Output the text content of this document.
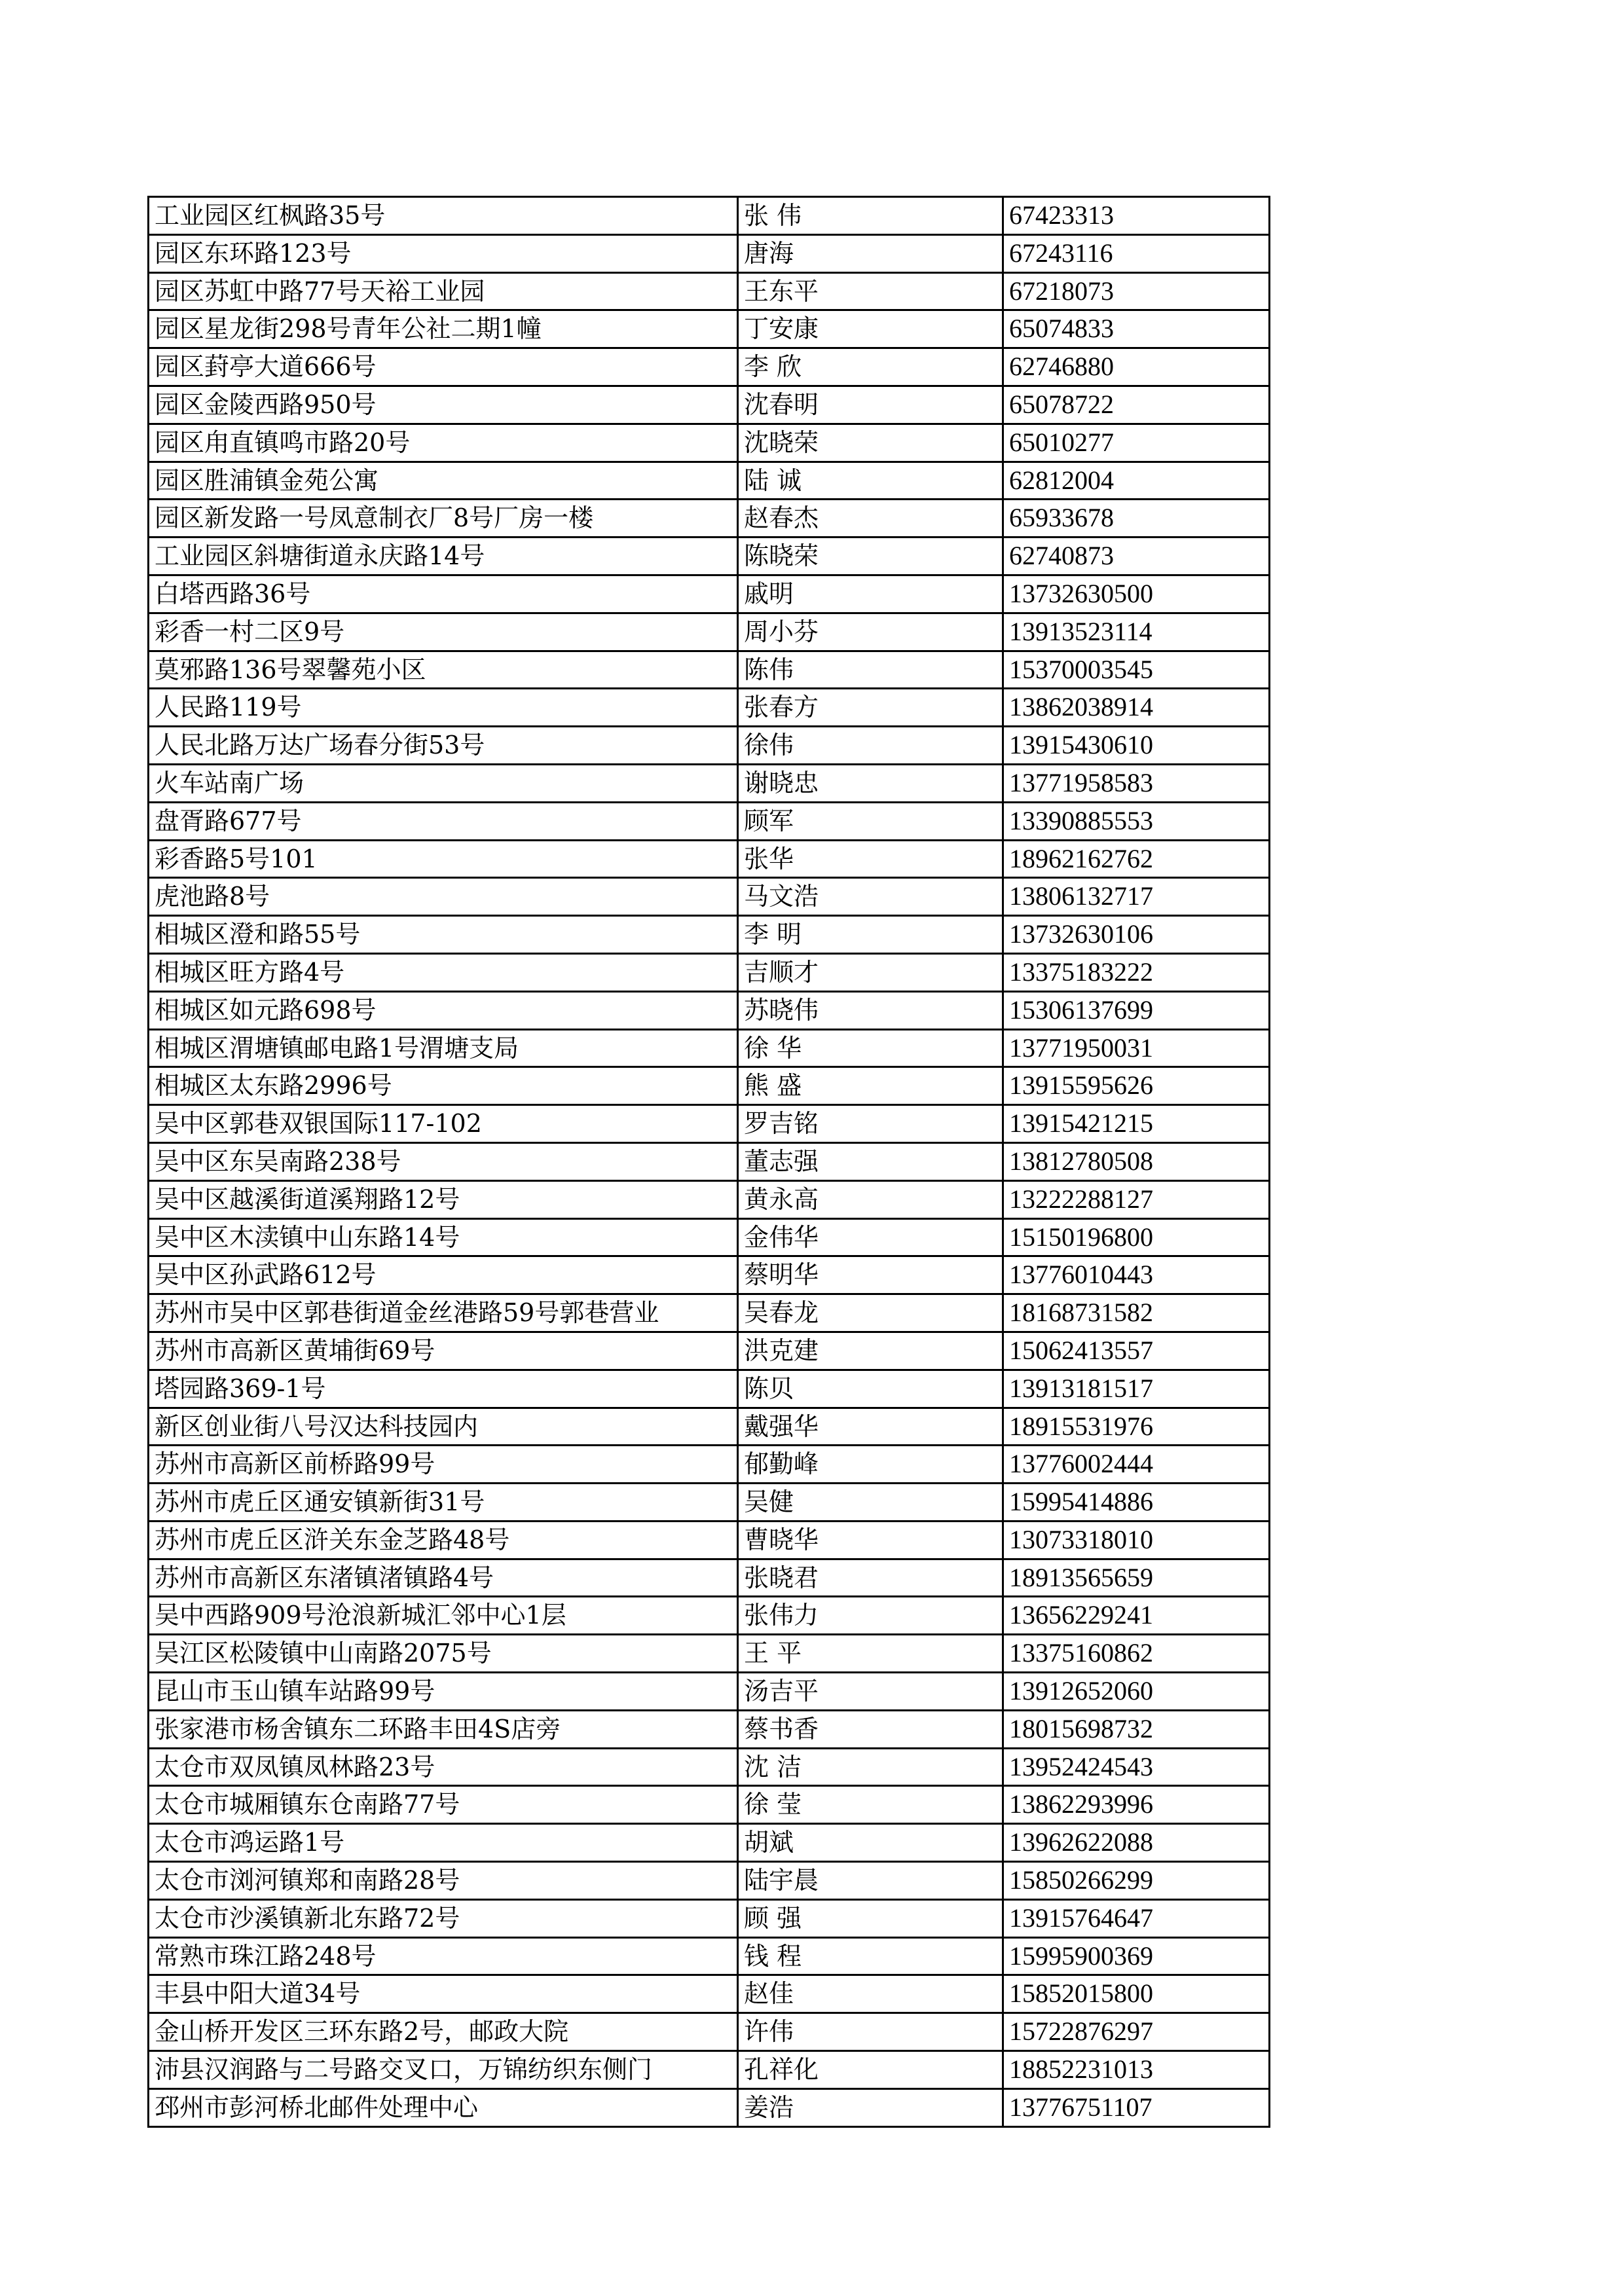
工业园区红枫路35号	张 伟	67423313
园区东环路123号	唐海	67243116
园区苏虹中路77号天裕工业园	王东平	67218073
园区星龙街298号青年公社二期1幢	丁安康	65074833
园区葑亭大道666号	李 欣	62746880
园区金陵西路950号	沈春明	65078722
园区甪直镇鸣市路20号	沈晓荣	65010277
园区胜浦镇金苑公寓	陆 诚	62812004
园区新发路一号凤意制衣厂8号厂房一楼	赵春杰	65933678
工业园区斜塘街道永庆路14号	陈晓荣	62740873
白塔西路36号	戚明	13732630500
彩香一村二区9号	周小芬	13913523114
莫邪路136号翠馨苑小区	陈伟	15370003545
人民路119号	张春方	13862038914
人民北路万达广场春分街53号	徐伟	13915430610
火车站南广场	谢晓忠	13771958583
盘胥路677号	顾军	13390885553
彩香路5号101	张华	18962162762
虎池路8号	马文浩	13806132717
相城区澄和路55号	李 明	13732630106
相城区旺方路4号	吉顺才	13375183222
相城区如元路698号	苏晓伟	15306137699
相城区渭塘镇邮电路1号渭塘支局	徐 华	13771950031
相城区太东路2996号	熊 盛	13915595626
吴中区郭巷双银国际117-102	罗吉铭	13915421215
吴中区东吴南路238号	董志强	13812780508
吴中区越溪街道溪翔路12号	黄永高	13222288127
吴中区木渎镇中山东路14号	金伟华	15150196800
吴中区孙武路612号	蔡明华	13776010443
苏州市吴中区郭巷街道金丝港路59号郭巷营业	吴春龙	18168731582
苏州市高新区黄埔街69号	洪克建	15062413557
塔园路369-1号	陈贝	13913181517
新区创业街八号汉达科技园内	戴强华	18915531976
苏州市高新区前桥路99号	郁勤峰	13776002444
苏州市虎丘区通安镇新街31号	吴健	15995414886
苏州市虎丘区浒关东金芝路48号	曹晓华	13073318010
苏州市高新区东渚镇渚镇路4号	张晓君	18913565659
吴中西路909号沧浪新城汇邻中心1层	张伟力	13656229241
吴江区松陵镇中山南路2075号	王 平	13375160862
昆山市玉山镇车站路99号	汤吉平	13912652060
张家港市杨舍镇东二环路丰田4S店旁	蔡书香	18015698732
太仓市双凤镇凤林路23号	沈 洁	13952424543
太仓市城厢镇东仓南路77号	徐 莹	13862293996
太仓市鸿运路1号	胡斌	13962622088
太仓市浏河镇郑和南路28号	陆宇晨	15850266299
太仓市沙溪镇新北东路72号	顾 强	13915764647
常熟市珠江路248号	钱 程	15995900369
丰县中阳大道34号	赵佳	15852015800
金山桥开发区三环东路2号，邮政大院	许伟	15722876297
沛县汉润路与二号路交叉口，万锦纺织东侧门	孔祥化	18852231013
邳州市彭河桥北邮件处理中心	姜浩	13776751107
